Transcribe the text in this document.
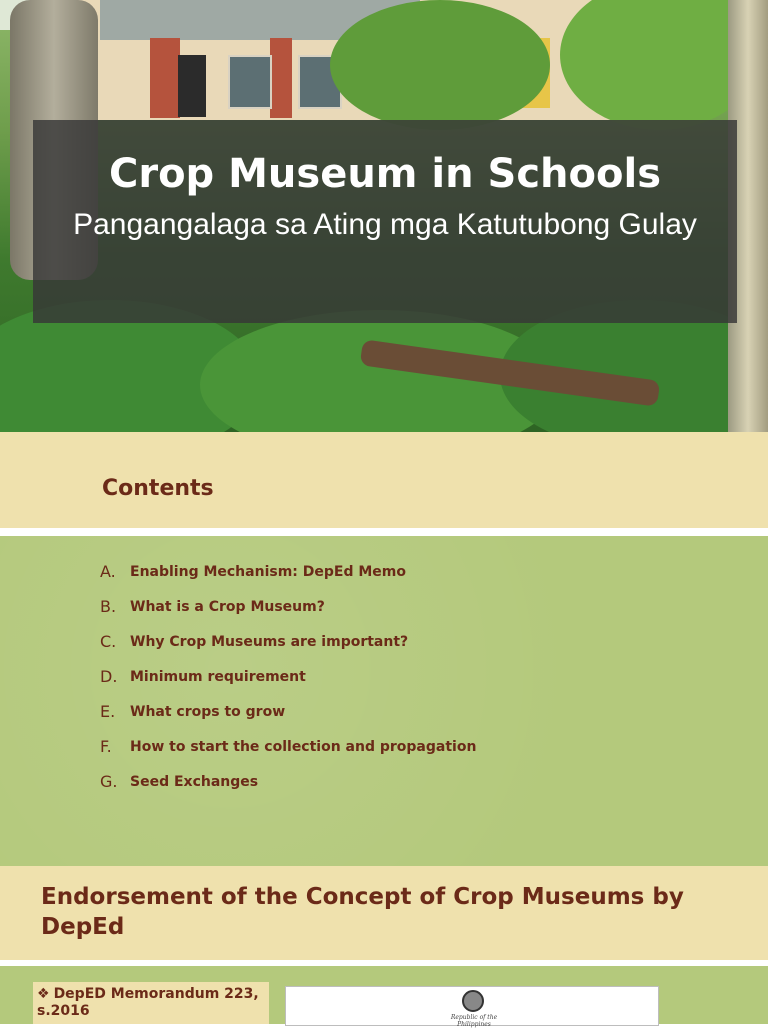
Crop Museum in Schools
Pangangalaga sa Ating mga Katutubong Gulay
Contents
A.	Enabling Mechanism: DepEd Memo
B. What is a Crop Museum?
C. Why Crop Museums are important?
D. Minimum requirement
E.	What crops to grow
F.	How to start the collection and propagation
G. Seed Exchanges
Endorsement of the Concept of Crop Museums by DepEd
❖ DepED Memorandum 223, s.2016	Republic of the Philippines
